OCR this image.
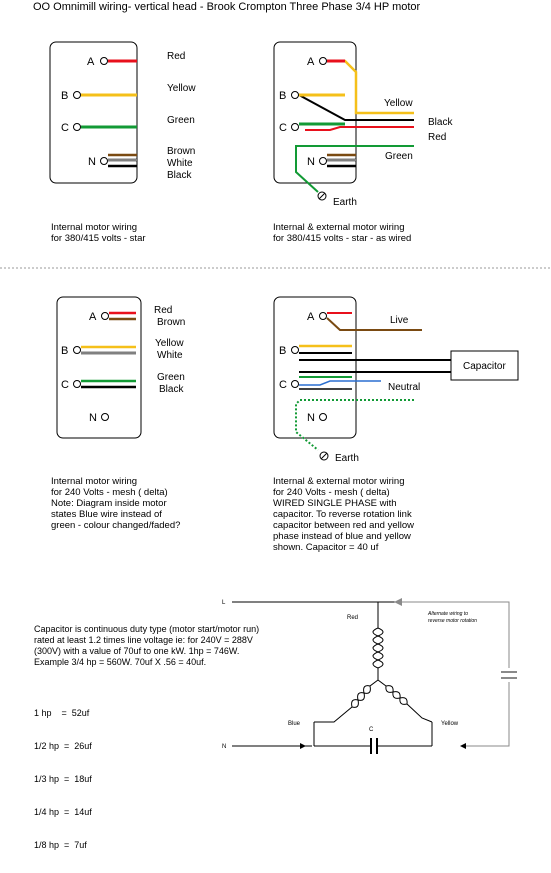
OO Omnimill wiring- vertical head - Brook Crompton Three Phase 3/4 HP motor
A
B
C
N
Red
Yellow
Green
Brown
White
Black
A
B
C
N
Earth
Yellow
Black
Red
Green
A
B
C
N
Red
Brown
Yellow
White
Green
Black
A
B
C
N
Capacitor
Earth
Live
Neutral
L
N
Red
Blue	Yellow
C
Alternate wiring to
reverse motor rotation
Internal motor wiring
for 380/415 volts - star
Internal & external motor wiring
for 380/415 volts - star - as wired
Internal motor wiring
for 240 Volts - mesh ( delta)
Note: Diagram inside motor
states Blue wire instead of
green - colour changed/faded?
Internal & external motor wiring
for 240 Volts - mesh ( delta)
WIRED SINGLE PHASE with
capacitor. To reverse rotation link
capacitor between red and yellow
phase instead of blue and yellow
shown. Capacitor = 40 uf
Capacitor is continuous duty type (motor start/motor run)
rated at least 1.2 times line voltage ie: for 240V = 288V
(300V) with a value of 70uf to one kW. 1hp = 746W.
Example 3/4 hp = 560W. 70uf X .56 = 40uf.

1 hp    =  52uf

1/2 hp  =  26uf

1/3 hp  =  18uf

1/4 hp  =  14uf

1/8 hp  =  7uf
